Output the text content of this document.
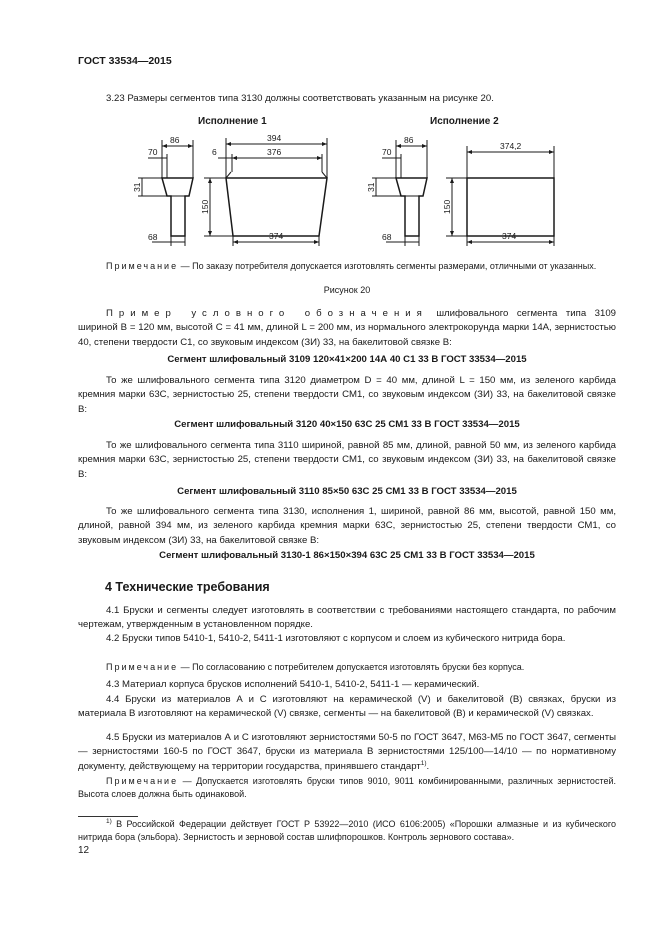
ГОСТ 33534—2015
3.23 Размеры сегментов типа 3130 должны соответствовать указанным на рисунке 20.
Исполнение 1	Исполнение 2
86
70
31
68
394
376
6
150
374
86
70
31
68
374,2
150
374
Примечание — По заказу потребителя допускается изготовлять сегменты размерами, отличными от указанных.
Рисунок 20
Пример условного обозначения шлифовального сегмента типа 3109 шириной B = 120 мм, высотой C = 41 мм, длиной L = 200 мм, из нормального электрокорунда марки 14А, зернистостью 40, степени твердости С1, со звуковым индексом (ЗИ) 33, на бакелитовой связке В:
Сегмент шлифовальный 3109 120×41×200 14А 40 С1 33 В ГОСТ 33534—2015
То же шлифовального сегмента типа 3120 диаметром D = 40 мм, длиной L = 150 мм, из зеленого карбида кремния марки 63С, зернистостью 25, степени твердости СМ1, со звуковым индексом (ЗИ) 33, на бакелитовой связке В:
Сегмент шлифовальный 3120 40×150 63С 25 СМ1 33 В ГОСТ 33534—2015
То же шлифовального сегмента типа 3110 шириной, равной 85 мм, длиной, равной 50 мм, из зеленого карбида кремния марки 63С, зернистостью 25, степени твердости СМ1, со звуковым индексом (ЗИ) 33, на бакелитовой связке В:
Сегмент шлифовальный 3110 85×50 63С 25 СМ1 33 В ГОСТ 33534—2015
То же шлифовального сегмента типа 3130, исполнения 1, шириной, равной 86 мм, высотой, равной 150 мм, длиной, равной 394 мм, из зеленого карбида кремния марки 63С, зернистостью 25, степени твердости СМ1, со звуковым индексом (ЗИ) 33, на бакелитовой связке В:
Сегмент шлифовальный 3130-1 86×150×394 63С 25 СМ1 33 В ГОСТ 33534—2015
4 Технические требования
4.1 Бруски и сегменты следует изготовлять в соответствии с требованиями настоящего стандарта, по рабочим чертежам, утвержденным в установленном порядке.
4.2 Бруски типов 5410-1, 5410-2, 5411-1 изготовляют с корпусом и слоем из кубического нитрида бора.
Примечание — По согласованию с потребителем допускается изготовлять бруски без корпуса.
4.3 Материал корпуса брусков исполнений 5410-1, 5410-2, 5411-1 — керамический.
4.4 Бруски из материалов А и С изготовляют на керамической (V) и бакелитовой (В) связках, бруски из материала В изготовляют на керамической (V) связке, сегменты — на бакелитовой (В) и керамической (V) связках.
4.5 Бруски из материалов А и С изготовляют зернистостями 50-5 по ГОСТ 3647, М63-М5 по ГОСТ 3647, сегменты — зернистостями 160-5 по ГОСТ 3647, бруски из материала В зернистостями 125/100—14/10 — по нормативному документу, действующему на территории государства, принявшего стандарт$^{1)}$.
Примечание — Допускается изготовлять бруски типов 9010, 9011 комбинированными, различных зернистостей. Высота слоев должна быть одинаковой.
$^{1)}$ В Российской Федерации действует ГОСТ Р 53922—2010 (ИСО 6106:2005) «Порошки алмазные и из кубического нитрида бора (эльбора). Зернистость и зерновой состав шлифпорошков. Контроль зернового состава».
12
